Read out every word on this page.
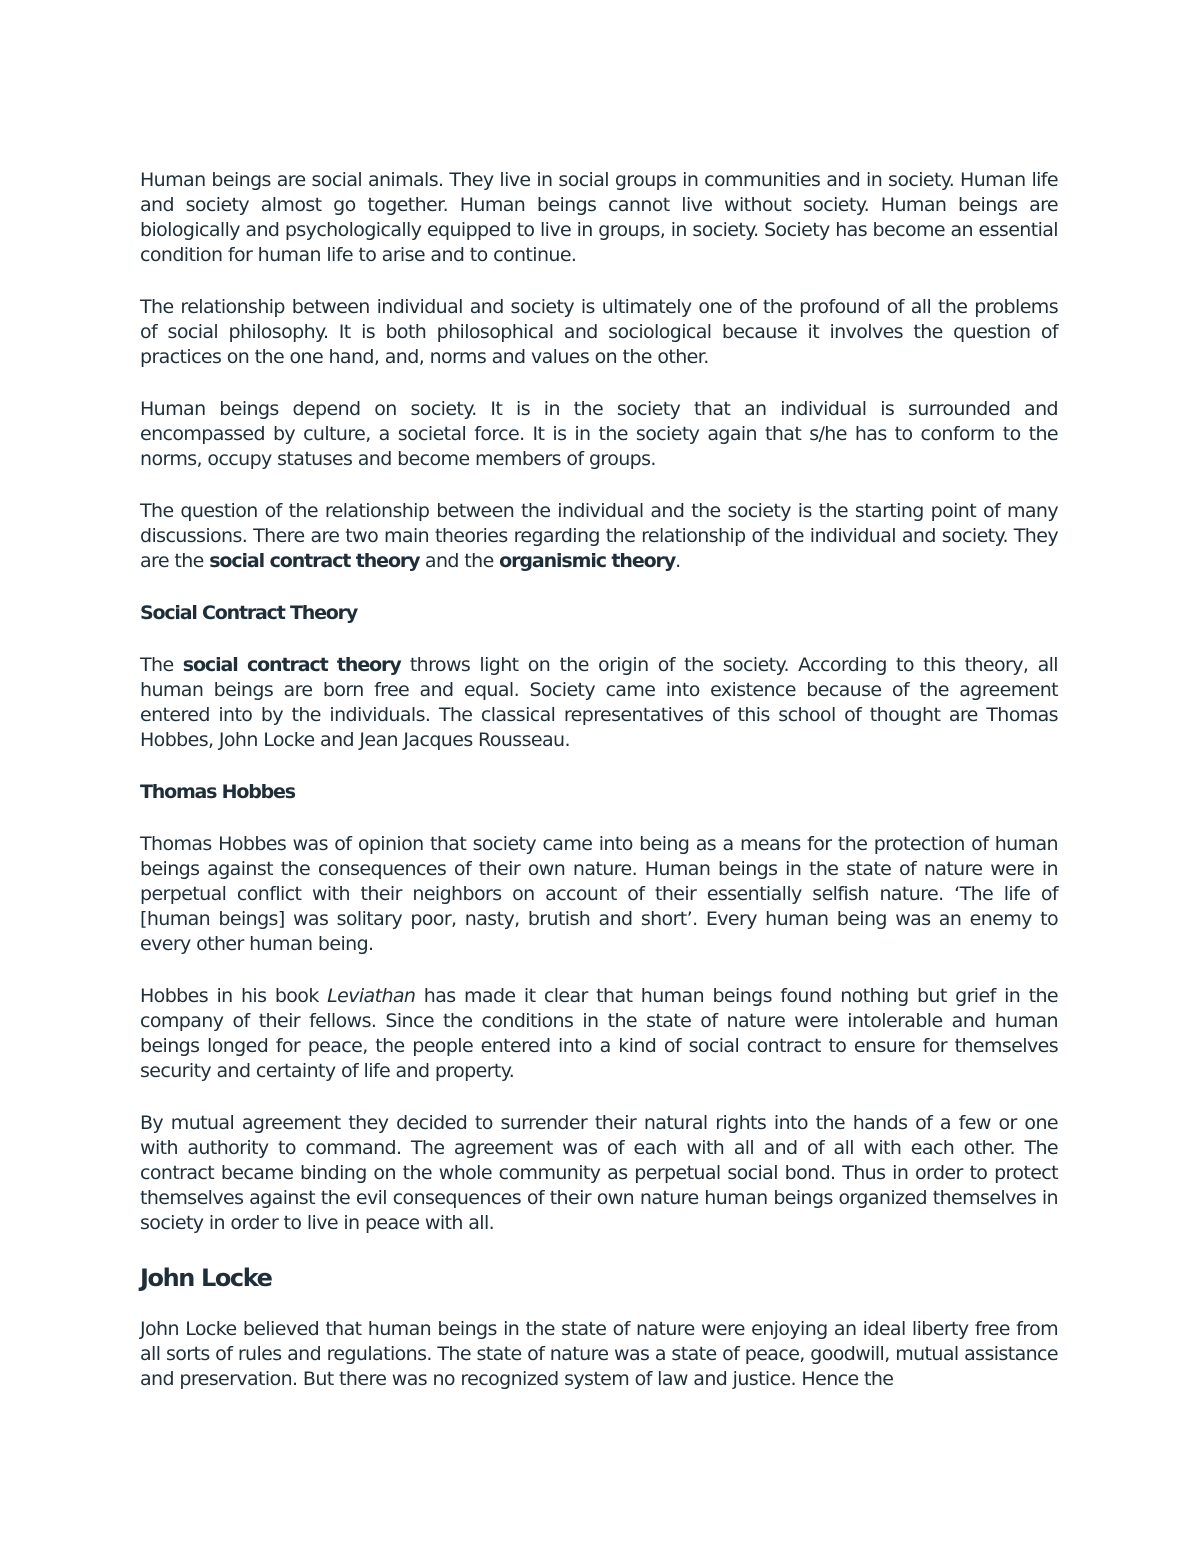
Human beings are social animals. They live in social groups in communities and in society. Human life and society almost go together. Human beings cannot live without society. Human beings are biologically and psychologically equipped to live in groups, in society. Society has become an essential condition for human life to arise and to continue.

The relationship between individual and society is ultimately one of the profound of all the problems of social philosophy. It is both philosophical and sociological because it involves the question of practices on the one hand, and, norms and values on the other.

Human beings depend on society. It is in the society that an individual is surrounded and encompassed by culture, a societal force. It is in the society again that s/he has to conform to the norms, occupy statuses and become members of groups.

The question of the relationship between the individual and the society is the starting point of many discussions. There are two main theories regarding the relationship of the individual and society. They are the social contract theory and the organismic theory.

Social Contract Theory

The social contract theory throws light on the origin of the society. According to this theory, all human beings are born free and equal. Society came into existence because of the agreement entered into by the individuals. The classical representatives of this school of thought are Thomas Hobbes, John Locke and Jean Jacques Rousseau.

Thomas Hobbes

Thomas Hobbes was of opinion that society came into being as a means for the protection of human beings against the consequences of their own nature. Human beings in the state of nature were in perpetual conflict with their neighbors on account of their essentially selfish nature. ‘The life of [human beings] was solitary poor, nasty, brutish and short’. Every human being was an enemy to every other human being.

Hobbes in his book Leviathan has made it clear that human beings found nothing but grief in the company of their fellows. Since the conditions in the state of nature were intolerable and human beings longed for peace, the people entered into a kind of social contract to ensure for themselves security and certainty of life and property.

By mutual agreement they decided to surrender their natural rights into the hands of a few or one with authority to command. The agreement was of each with all and of all with each other. The contract became binding on the whole community as perpetual social bond. Thus in order to protect themselves against the evil consequences of their own nature human beings organized themselves in society in order to live in peace with all.

John Locke

John Locke believed that human beings in the state of nature were enjoying an ideal liberty free from all sorts of rules and regulations. The state of nature was a state of peace, goodwill, mutual assistance and preservation. But there was no recognized system of law and justice. Hence the
